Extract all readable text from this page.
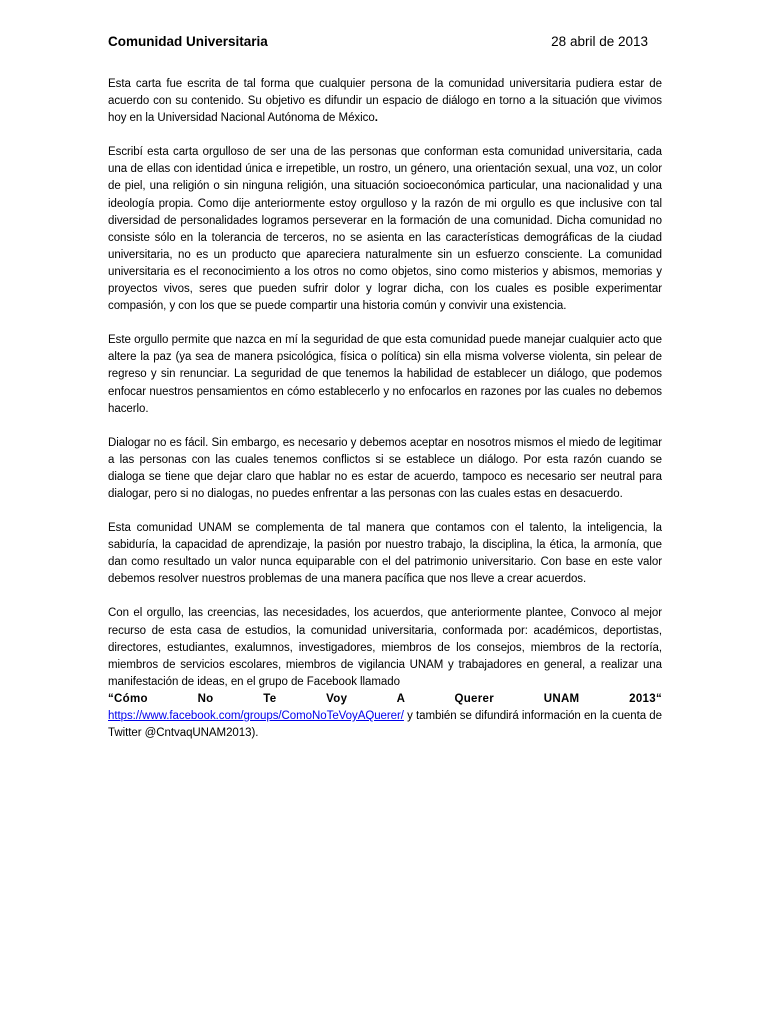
Comunidad Universitaria	28 abril de 2013

Esta carta fue escrita de tal forma que cualquier persona de la comunidad universitaria pudiera estar de acuerdo con su contenido. Su objetivo es difundir un espacio de diálogo en torno a la situación que vivimos hoy en la Universidad Nacional Autónoma de México.

Escribí esta carta orgulloso de ser una de las personas que conforman esta comunidad universitaria, cada una de ellas con identidad única e irrepetible, un rostro, un género, una orientación sexual, una voz, un color de piel, una religión o sin ninguna religión, una situación socioeconómica particular, una nacionalidad y una ideología propia. Como dije anteriormente estoy orgulloso y la razón de mi orgullo es que inclusive con tal diversidad de personalidades logramos perseverar en la formación de una comunidad. Dicha comunidad no consiste sólo en la tolerancia de terceros, no se asienta en las características demográficas de la ciudad universitaria, no es un producto que apareciera naturalmente sin un esfuerzo consciente. La comunidad universitaria es el reconocimiento a los otros no como objetos, sino como misterios y abismos, memorias y proyectos vivos, seres que pueden sufrir dolor y lograr dicha, con los cuales es posible experimentar compasión, y con los que se puede compartir una historia común y convivir una existencia.

Este orgullo permite que nazca en mí la seguridad de que esta comunidad puede manejar cualquier acto que altere la paz (ya sea de manera psicológica, física o política) sin ella misma volverse violenta, sin pelear de regreso y sin renunciar. La seguridad de que tenemos la habilidad de establecer un diálogo, que podemos enfocar nuestros pensamientos en cómo establecerlo y no enfocarlos en razones por las cuales no debemos hacerlo.

Dialogar no es fácil. Sin embargo, es necesario y debemos aceptar en nosotros mismos el miedo de legitimar a las personas con las cuales tenemos conflictos si se establece un diálogo. Por esta razón cuando se dialoga se tiene que dejar claro que hablar no es estar de acuerdo, tampoco es necesario ser neutral para dialogar, pero si no dialogas, no puedes enfrentar a las personas con las cuales estas en desacuerdo.

Esta comunidad UNAM se complementa de tal manera que contamos con el talento, la inteligencia, la sabiduría, la capacidad de aprendizaje, la pasión por nuestro trabajo, la disciplina, la ética, la armonía, que dan como resultado un valor nunca equiparable con el del patrimonio universitario. Con base en este valor debemos resolver nuestros problemas de una manera pacífica que nos lleve a crear acuerdos.

Con el orgullo, las creencias, las necesidades, los acuerdos, que anteriormente plantee, Convoco al mejor recurso de esta casa de estudios, la comunidad universitaria, conformada por: académicos, deportistas, directores, estudiantes, exalumnos, investigadores, miembros de los consejos, miembros de la rectoría, miembros de servicios escolares, miembros de vigilancia UNAM y trabajadores en general, a realizar una manifestación de ideas, en el grupo de Facebook llamado
“Cómo No Te Voy A Querer UNAM 2013“
https://www.facebook.com/groups/ComoNoTeVoyAQuerer/ y también se difundirá información en la cuenta de Twitter @CntvaqUNAM2013).
